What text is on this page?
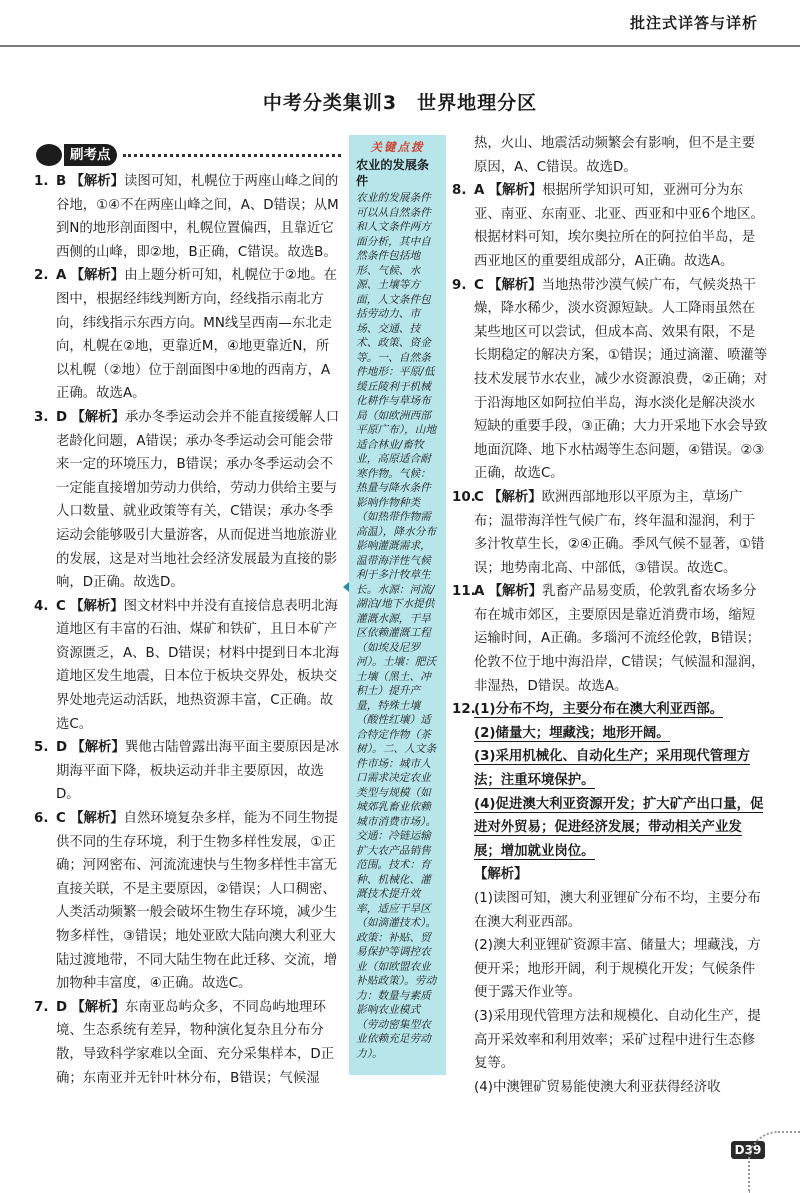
批注式详答与详析
中考分类集训3　世界地理分区
刷考点
1. B 【解析】读图可知，札幌位于两座山峰之间的谷地，①④不在两座山峰之间，A、D错误；从M到N的地形剖面图中，札幌位置偏西，且靠近它西侧的山峰，即②地，B正确，C错误。故选B。
2. A 【解析】由上题分析可知，札幌位于②地。在图中，根据经纬线判断方向，经线指示南北方向，纬线指示东西方向。MN线呈西南—东北走向，札幌在②地，更靠近M，④地更靠近N，所以札幌（②地）位于剖面图中④地的西南方，A正确。故选A。
3. D 【解析】承办冬季运动会并不能直接缓解人口老龄化问题，A错误；承办冬季运动会可能会带来一定的环境压力，B错误；承办冬季运动会不一定能直接增加劳动力供给，劳动力供给主要与人口数量、就业政策等有关，C错误；承办冬季运动会能够吸引大量游客，从而促进当地旅游业的发展，这是对当地社会经济发展最为直接的影响，D正确。故选D。
4. C 【解析】图文材料中并没有直接信息表明北海道地区有丰富的石油、煤矿和铁矿，且日本矿产资源匮乏，A、B、D错误；材料中提到日本北海道地区发生地震，日本位于板块交界处，板块交界处地壳运动活跃，地热资源丰富，C正确。故选C。
5. D 【解析】巽他古陆曾露出海平面主要原因是冰期海平面下降，板块运动并非主要原因，故选D。
6. C 【解析】自然环境复杂多样，能为不同生物提供不同的生存环境，利于生物多样性发展，①正确；河网密布、河流流速快与生物多样性丰富无直接关联，不是主要原因，②错误；人口稠密、人类活动频繁一般会破坏生物生存环境，减少生物多样性，③错误；地处亚欧大陆向澳大利亚大陆过渡地带，不同大陆生物在此迁移、交流，增加物种丰富度，④正确。故选C。
7. D 【解析】东南亚岛屿众多，不同岛屿地理环境、生态系统有差异，物种演化复杂且分布分散，导致科学家难以全面、充分采集样本，D正确；东南亚并无针叶林分布，B错误；气候湿
关键点拨
农业的发展条件
农业的发展条件可以从自然条件和人文条件两方面分析，其中自然条件包括地形、气候、水源、土壤等方面，人文条件包括劳动力、市场、交通、技术、政策、资金等。一、自然条件地形：平原/低缓丘陵利于机械化耕作与草场布局（如欧洲西部平原广布），山地适合林业/畜牧业，高原适合耐寒作物。气候：热量与降水条件影响作物种类（如热带作物需高温），降水分布影响灌溉需求，温带海洋性气候利于多汁牧草生长。水源：河流/湖泊/地下水提供灌溉水源，干旱区依赖灌溉工程（如埃及尼罗河）。土壤：肥沃土壤（黑土、冲积土）提升产量，特殊土壤（酸性红壤）适合特定作物（茶树）。二、人文条件市场：城市人口需求决定农业类型与规模（如城郊乳畜业依赖城市消费市场）。交通：冷链运输扩大农产品销售范围。技术：育种、机械化、灌溉技术提升效率，适应干旱区（如滴灌技术）。政策：补贴、贸易保护等调控农业（如欧盟农业补贴政策）。劳动力：数量与素质影响农业模式（劳动密集型农业依赖充足劳动力）。
热，火山、地震活动频繁会有影响，但不是主要原因，A、C错误。故选D。
8. A 【解析】根据所学知识可知，亚洲可分为东亚、南亚、东南亚、北亚、西亚和中亚6个地区。根据材料可知，埃尔奥拉所在的阿拉伯半岛，是西亚地区的重要组成部分，A正确。故选A。
9. C 【解析】当地热带沙漠气候广布，气候炎热干燥，降水稀少，淡水资源短缺。人工降雨虽然在某些地区可以尝试，但成本高、效果有限，不是长期稳定的解决方案，①错误；通过滴灌、喷灌等技术发展节水农业，减少水资源浪费，②正确；对于沿海地区如阿拉伯半岛，海水淡化是解决淡水短缺的重要手段，③正确；大力开采地下水会导致地面沉降、地下水枯竭等生态问题，④错误。②③正确，故选C。
10.
C 【解析】欧洲西部地形以平原为主，草场广布；温带海洋性气候广布，终年温和湿润，利于多汁牧草生长，②④正确。季风气候不显著，①错误；地势南北高、中部低，③错误。故选C。
11.
A 【解析】乳畜产品易变质，伦敦乳畜农场多分布在城市郊区，主要原因是靠近消费市场，缩短运输时间，A正确。多瑙河不流经伦敦，B错误；伦敦不位于地中海沿岸，C错误；气候温和湿润，非湿热，D错误。故选A。
12.
(1)分布不均，主要分布在澳大利亚西部。
(2)储量大；埋藏浅；地形开阔。
(3)采用机械化、自动化生产；采用现代管理方法；注重环境保护。
(4)促进澳大利亚资源开发；扩大矿产出口量，促进对外贸易；促进经济发展；带动相关产业发展；增加就业岗位。
【解析】
(1)读图可知，澳大利亚锂矿分布不均，主要分布在澳大利亚西部。
(2)澳大利亚锂矿资源丰富、储量大；埋藏浅，方便开采；地形开阔，利于规模化开发；气候条件便于露天作业等。
(3)采用现代管理方法和规模化、自动化生产，提高开采效率和利用效率；采矿过程中进行生态修复等。
(4)中澳锂矿贸易能使澳大利亚获得经济收
D39
